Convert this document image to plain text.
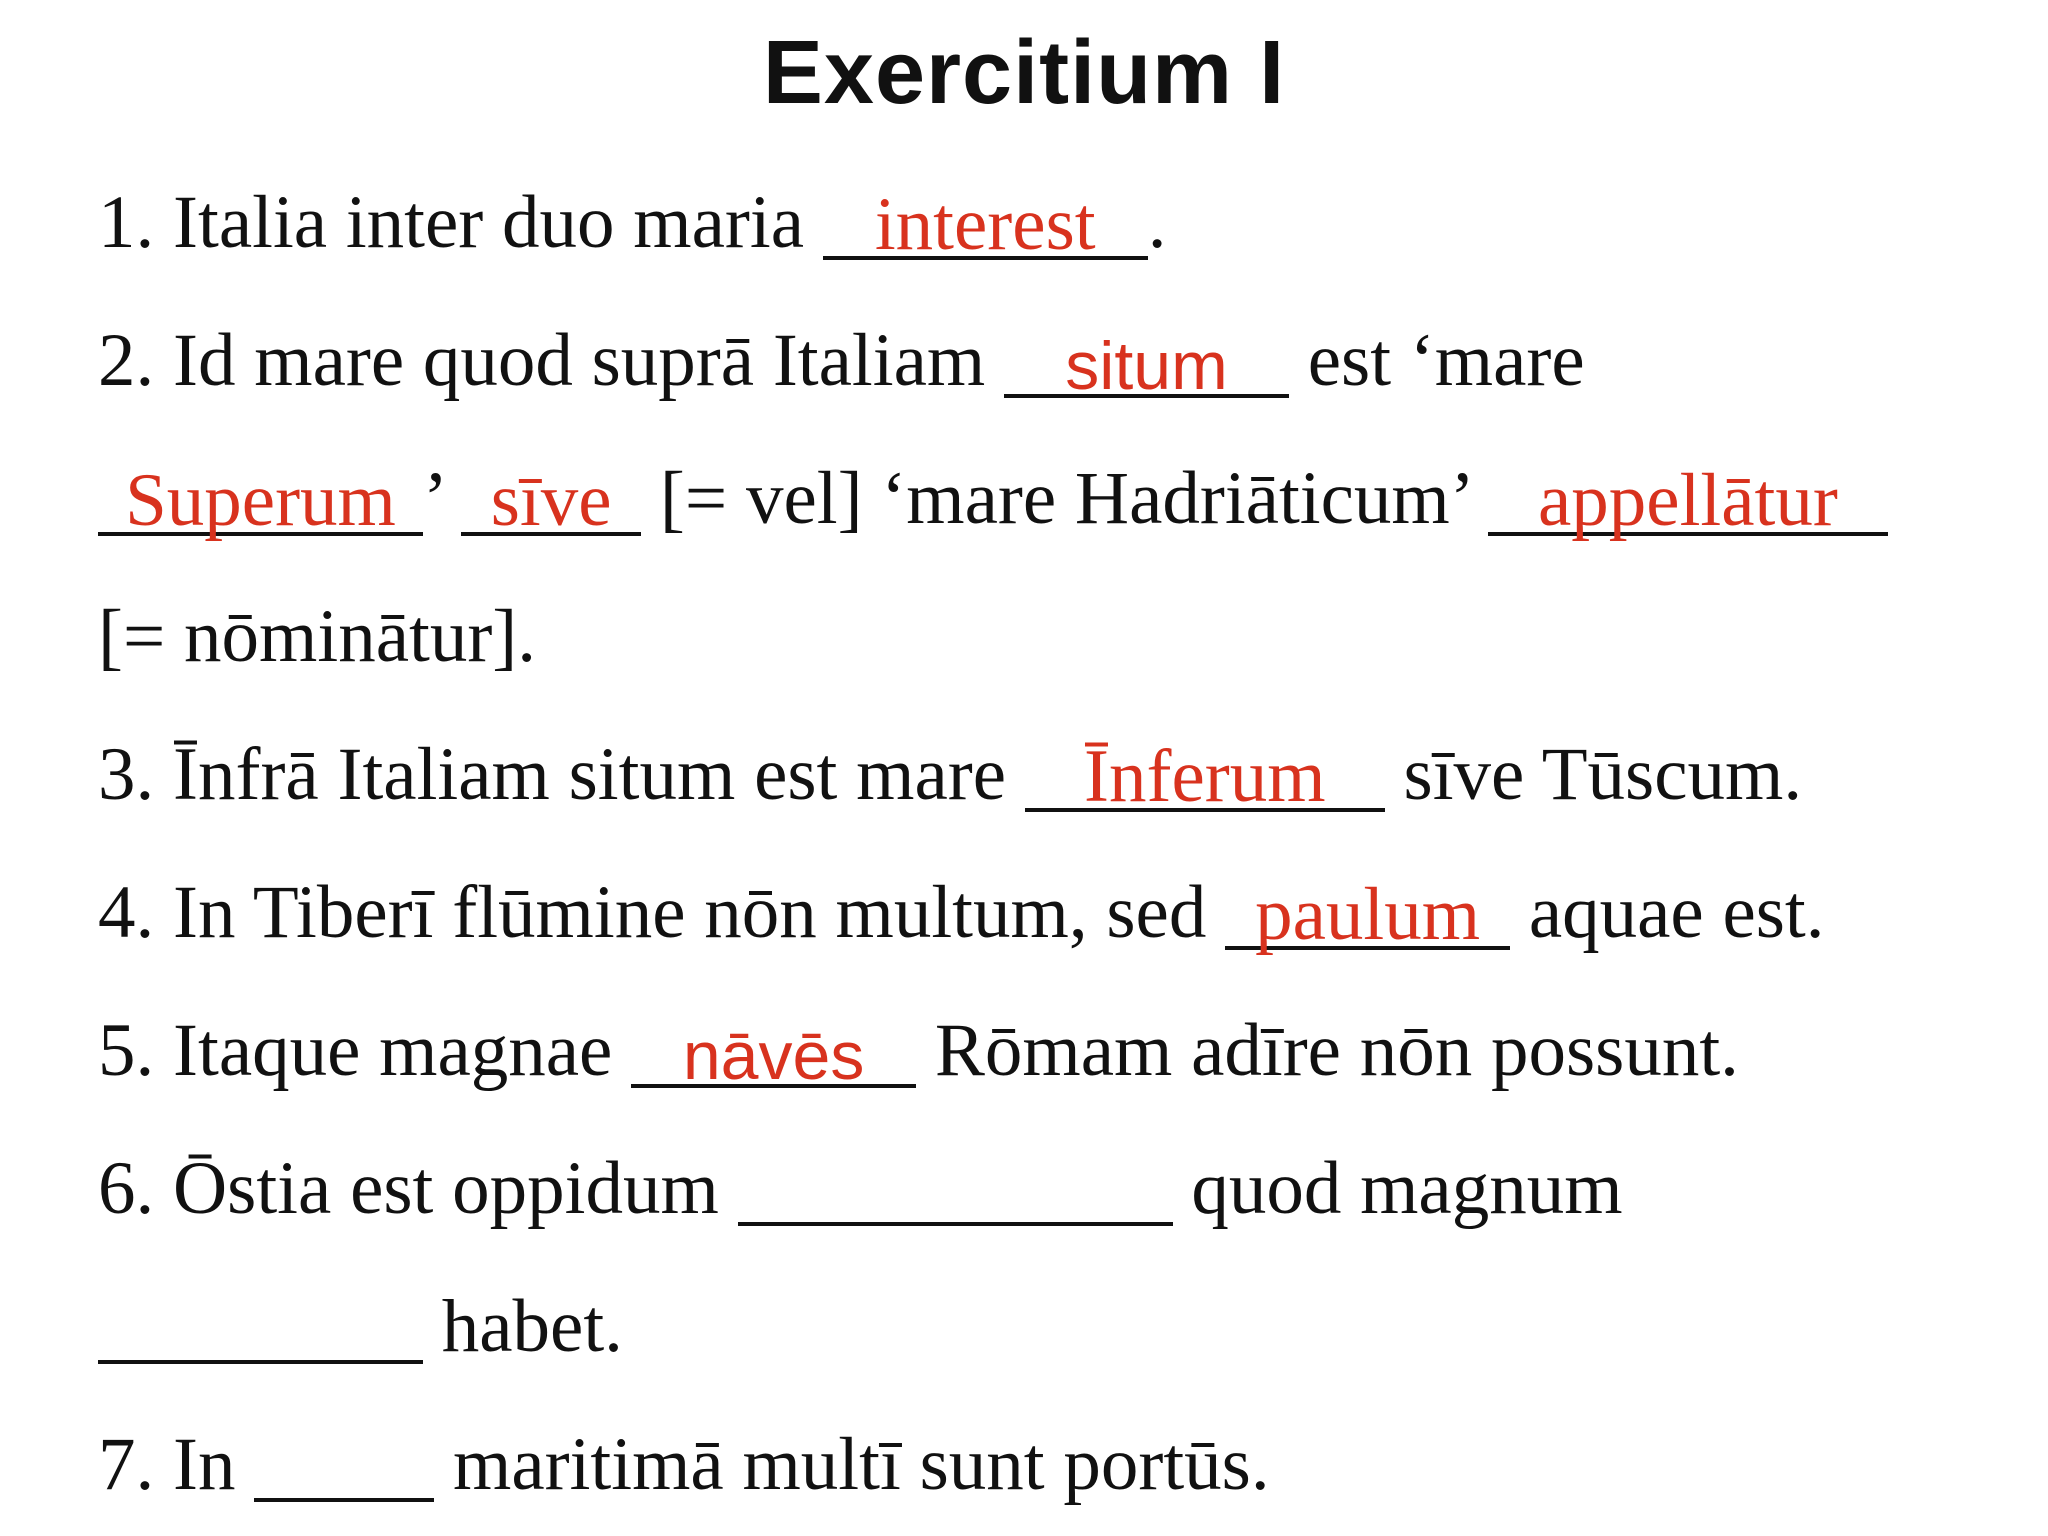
Exercitium I
1. Italia inter duo maria interest .
2. Id mare quod suprā Italiam situm est ‘mare
Superum ’ sīve [= vel] ‘mare Hadriāticum’ appellātur
[= nōminātur].
3. Īnfrā Italiam situm est mare Īnferum sīve Tūscum.
4. In Tiberī flūmine nōn multum, sed paulum aquae est.
5. Itaque magnae nāvēs Rōmam adīre nōn possunt.
6. Ōstia est oppidum	quod magnum
habet.
7. In maritimā multī sunt portūs.
